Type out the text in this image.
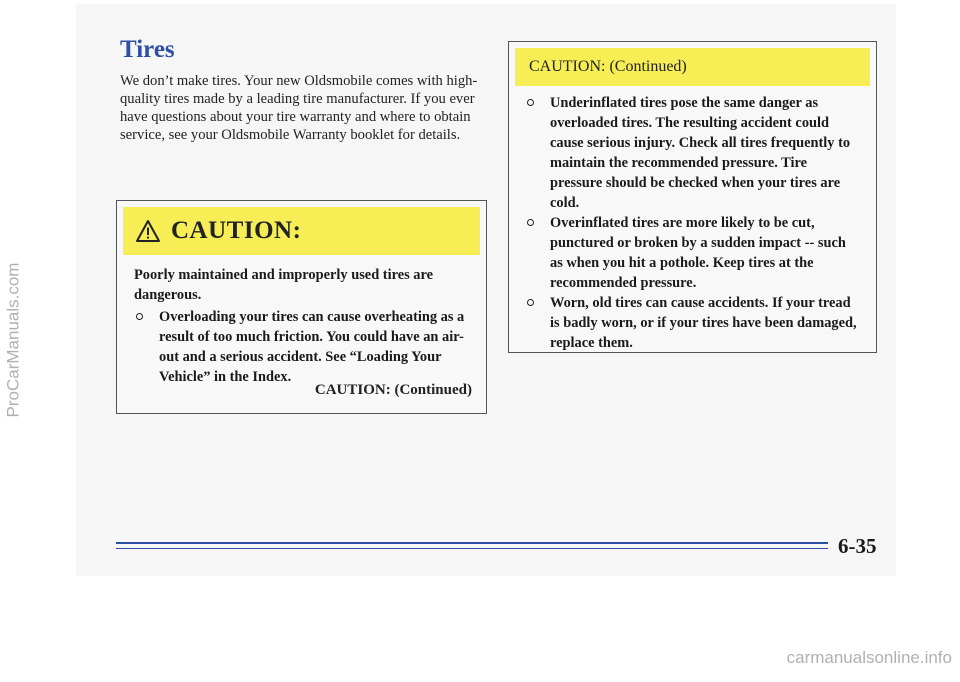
ProCarManuals.com
Tires

We don’t make tires. Your new Oldsmobile comes with high-quality tires made by a leading tire manufacturer. If you ever have questions about your tire warranty and where to obtain service, see your Oldsmobile Warranty booklet for details.

CAUTION:

Poorly maintained and improperly used tires are dangerous.

Overloading your tires can cause overheating as a result of too much friction. You could have an air-out and a serious accident. See “Loading Your Vehicle” in the Index.
CAUTION: (Continued)
CAUTION: (Continued)
Underinflated tires pose the same danger as overloaded tires. The resulting accident could cause serious injury. Check all tires frequently to maintain the recommended pressure. Tire pressure should be checked when your tires are cold.
Overinflated tires are more likely to be cut, punctured or broken by a sudden impact -- such as when you hit a pothole. Keep tires at the recommended pressure.
Worn, old tires can cause accidents. If your tread is badly worn, or if your tires have been damaged, replace them.
6-35
carmanualsonline.info
